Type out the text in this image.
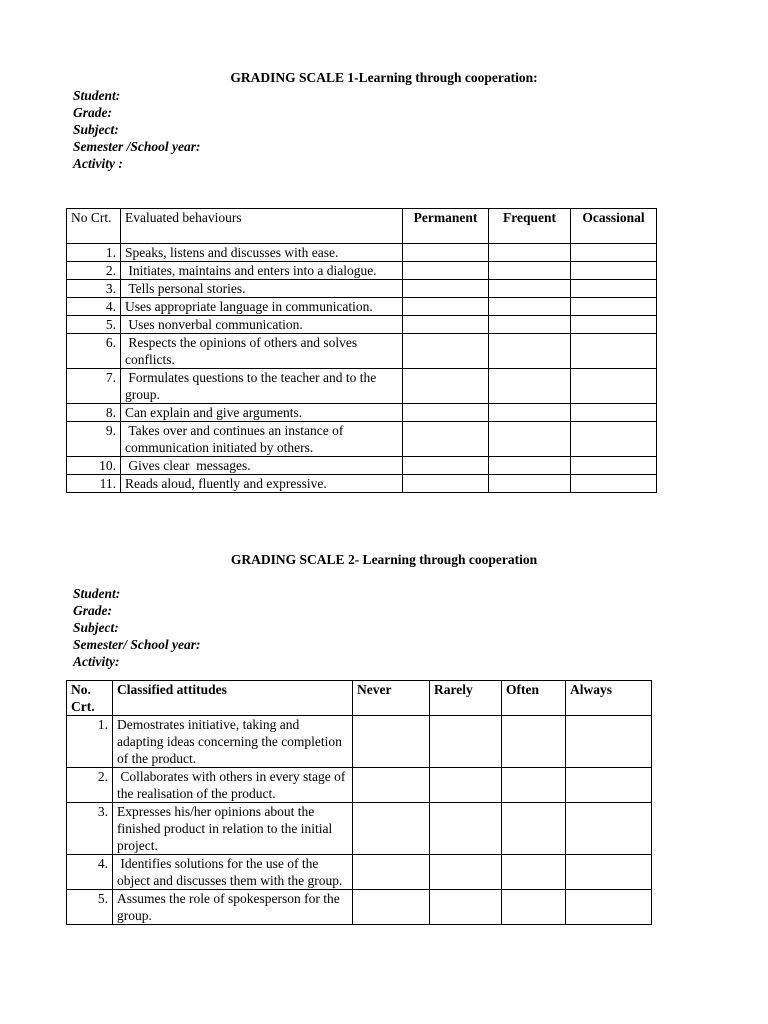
GRADING SCALE 1-Learning through cooperation:
Student:
Grade:
Subject:
Semester /School year:
Activity :
No Crt.	Evaluated behaviours	Permanent	Frequent	Ocassional
1.	Speaks, listens and discusses with ease.			
2.	Initiates, maintains and enters into a dialogue.			
3.	Tells personal stories.			
4.	Uses appropriate language in communication.			
5.	Uses nonverbal communication.			
6.	Respects the opinions of others and solves conflicts.			
7.	Formulates questions to the teacher and to the group.			
8.	Can explain and give arguments.			
9.	Takes over and continues an instance of communication initiated by others.			
10.	Gives clear  messages.			
11.	Reads aloud, fluently and expressive.			
GRADING SCALE 2- Learning through cooperation
Student:
Grade:
Subject:
Semester/ School year:
Activity:
No. Crt.	Classified attitudes	Never	Rarely	Often	Always
1.	Demostrates initiative, taking and adapting ideas concerning the completion of the product.				
2.	Collaborates with others in every stage of the realisation of the product.				
3.	Expresses his/her opinions about the finished product in relation to the initial project.				
4.	Identifies solutions for the use of the object and discusses them with the group.				
5.	Assumes the role of spokesperson for the group.				
